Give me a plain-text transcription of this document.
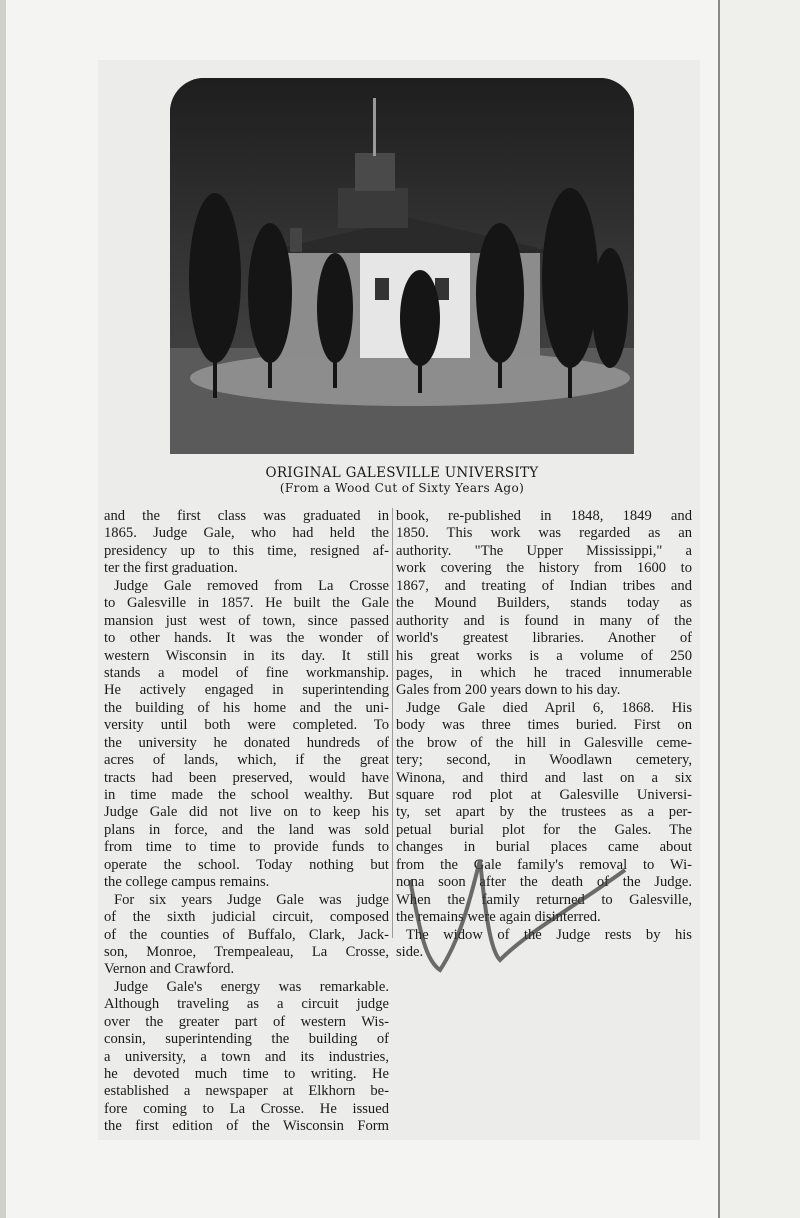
ORIGINAL GALESVILLE UNIVERSITY
(From a Wood Cut of Sixty Years Ago)
and the first class was graduated in
1865. Judge Gale, who had held the
presidency up to this time, resigned af-
ter the first graduation.
Judge Gale removed from La Crosse
to Galesville in 1857. He built the Gale
mansion just west of town, since passed
to other hands. It was the wonder of
western Wisconsin in its day. It still
stands a model of fine workmanship.
He actively engaged in superintending
the building of his home and the uni-
versity until both were completed. To
the university he donated hundreds of
acres of lands, which, if the great
tracts had been preserved, would have
in time made the school wealthy. But
Judge Gale did not live on to keep his
plans in force, and the land was sold
from time to time to provide funds to
operate the school. Today nothing but
the college campus remains.
For six years Judge Gale was judge
of the sixth judicial circuit, composed
of the counties of Buffalo, Clark, Jack-
son, Monroe, Trempealeau, La Crosse,
Vernon and Crawford.
Judge Gale's energy was remarkable.
Although traveling as a circuit judge
over the greater part of western Wis-
consin, superintending the building of
a university, a town and its industries,
he devoted much time to writing. He
established a newspaper at Elkhorn be-
fore coming to La Crosse. He issued
the first edition of the Wisconsin Form
book, re-published in 1848, 1849 and
1850. This work was regarded as an
authority. "The Upper Mississippi," a
work covering the history from 1600 to
1867, and treating of Indian tribes and
the Mound Builders, stands today as
authority and is found in many of the
world's greatest libraries. Another of
his great works is a volume of 250
pages, in which he traced innumerable
Gales from 200 years down to his day.
Judge Gale died April 6, 1868. His
body was three times buried. First on
the brow of the hill in Galesville ceme-
tery; second, in Woodlawn cemetery,
Winona, and third and last on a six
square rod plot at Galesville Universi-
ty, set apart by the trustees as a per-
petual burial plot for the Gales. The
changes in burial places came about
from the Gale family's removal to Wi-
nona soon after the death of the Judge.
When the family returned to Galesville,
the remains were again disinterred.
The widow of the Judge rests by his
side.
